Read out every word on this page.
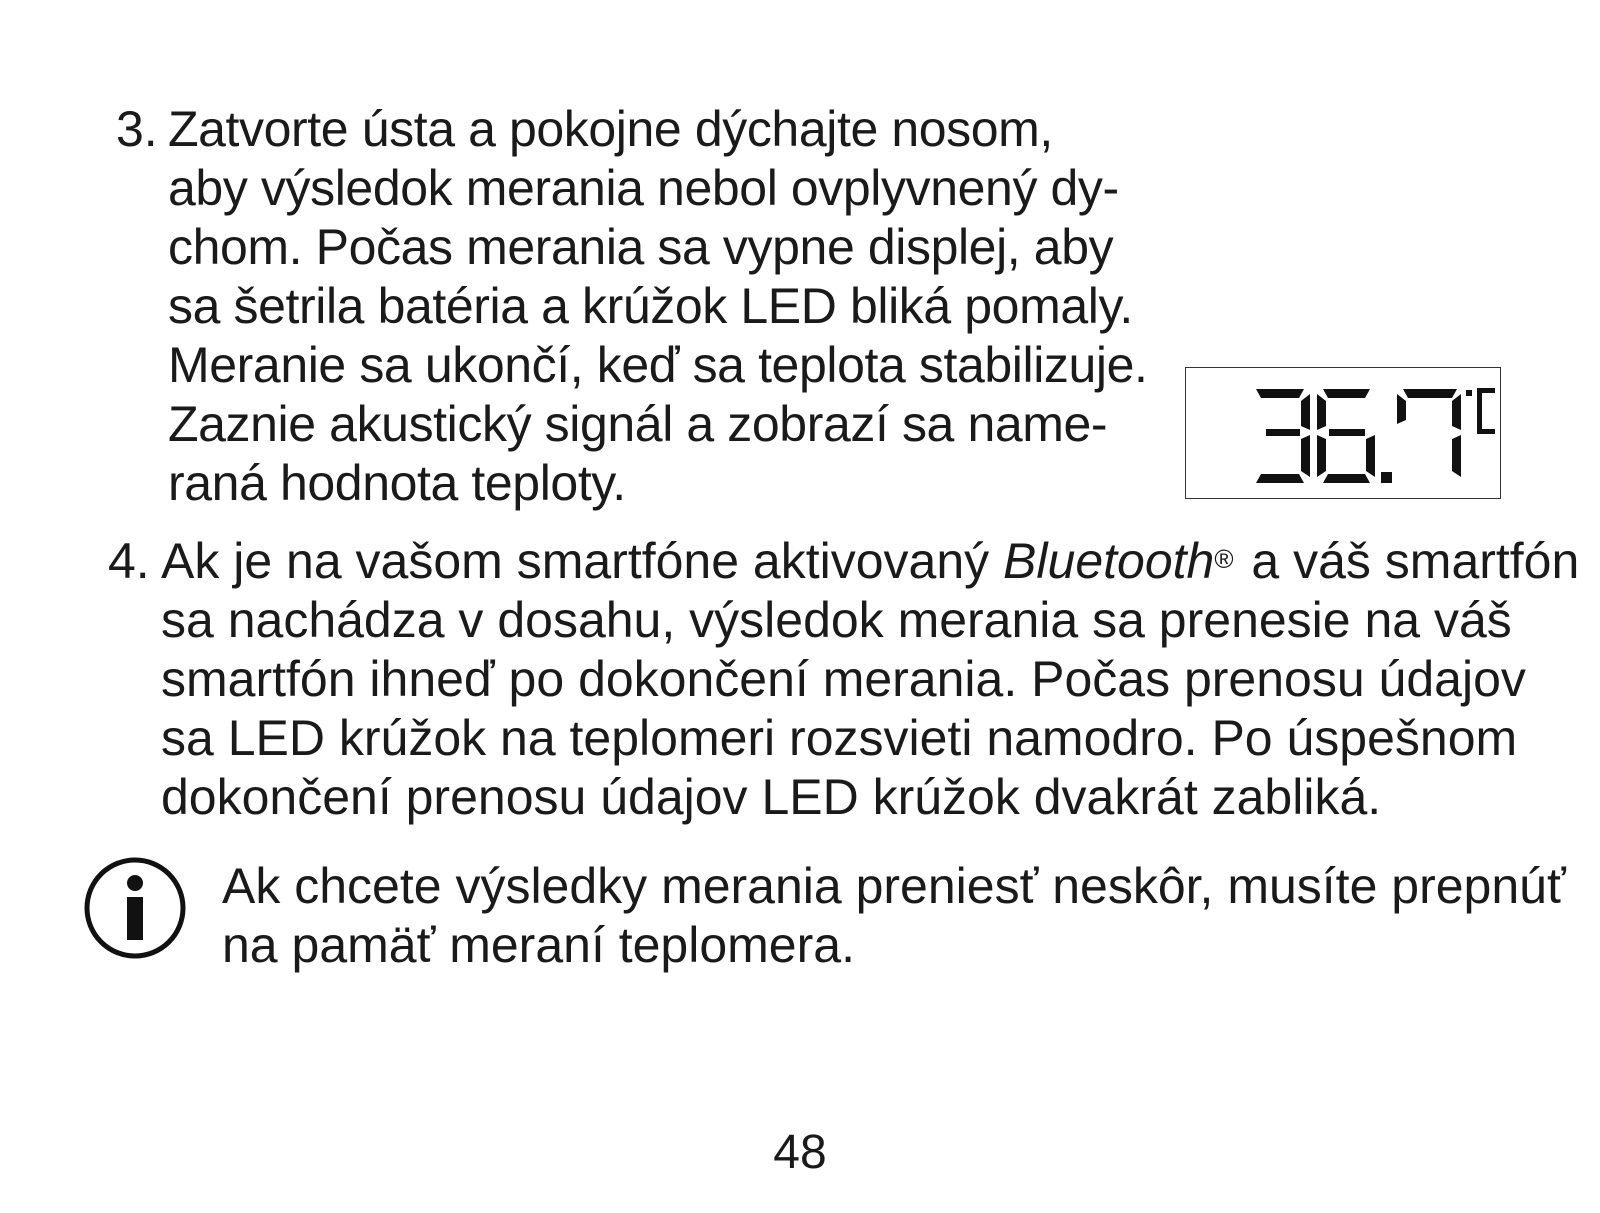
3. Zatvorte ústa a pokojne dýchajte nosom,
aby výsledok merania nebol ovplyvnený dy-
chom. Počas merania sa vypne displej, aby
sa šetrila batéria a krúžok LED bliká pomaly.
Meranie sa ukončí, keď sa teplota stabilizuje.
Zaznie akustický signál a zobrazí sa name-
raná hodnota teploty.
4. Ak je na vašom smartfóne aktivovaný Bluetooth® a váš smartfón
sa nachádza v dosahu, výsledok merania sa prenesie na váš
smartfón ihneď po dokončení merania. Počas prenosu údajov
sa LED krúžok na teplomeri rozsvieti namodro. Po úspešnom
dokončení prenosu údajov LED krúžok dvakrát zabliká.
Ak chcete výsledky merania preniesť neskôr, musíte prepnúť
na pamäť meraní teplomera.
48
